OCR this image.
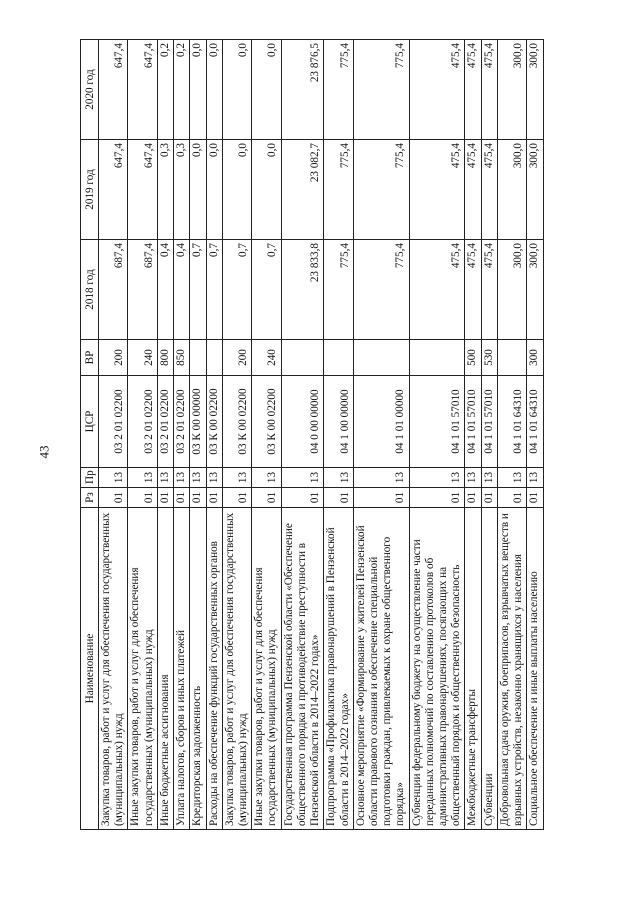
43
Наименование	Рз	Пр	ЦСР	ВР	2018 год	2019 год	2020 год
Закупка товаров, работ и услуг для обеспечения государственных (муниципальных) нужд	01	13	03 2 01 02200	200	687,4	647,4	647,4
Иные закупки товаров, работ и услуг для обеспечения государственных (муниципальных) нужд	01	13	03 2 01 02200	240	687,4	647,4	647,4
Иные бюджетные ассигнования	01	13	03 2 01 02200	800	0,4	0,3	0,2
Уплата налогов, сборов и иных платежей	01	13	03 2 01 02200	850	0,4	0,3	0,2
Кредиторская задолженность	01	13	03 К 00 00000		0,7	0,0	0,0
Расходы на обеспечение функций государственных органов	01	13	03 К 00 02200		0,7	0,0	0,0
Закупка товаров, работ и услуг для обеспечения государственных (муниципальных) нужд	01	13	03 К 00 02200	200	0,7	0,0	0,0
Иные закупки товаров, работ и услуг для обеспечения государственных (муниципальных) нужд	01	13	03 К 00 02200	240	0,7	0,0	0,0
Государственная программа Пензенской области «Обеспечение общественного порядка и противодействие преступности в Пензенской области в 2014–2022 годах»	01	13	04 0 00 00000		23 833,8	23 082,7	23 876,5
Подпрограмма «Профилактика правонарушений в Пензенской области в 2014–2022 годах»	01	13	04 1 00 00000		775,4	775,4	775,4
Основное мероприятие «Формирование у жителей Пензенской области правового сознания и обеспечение специальной подготовки граждан, привлекаемых к охране общественного порядка»	01	13	04 1 01 00000		775,4	775,4	775,4
Субвенции федеральному бюджету на осуществление части переданных полномочий по составлению протоколов об административных правонарушениях, посягающих на общественный порядок и общественную безопасность	01	13	04 1 01 57010		475,4	475,4	475,4
Межбюджетные трансферты	01	13	04 1 01 57010	500	475,4	475,4	475,4
Субвенции	01	13	04 1 01 57010	530	475,4	475,4	475,4
Добровольная сдача оружия, боеприпасов, взрывчатых веществ и взрывных устройств, незаконно хранящихся у населения	01	13	04 1 01 64310		300,0	300,0	300,0
Социальное обеспечение и иные выплаты населению	01	13	04 1 01 64310	300	300,0	300,0	300,0
